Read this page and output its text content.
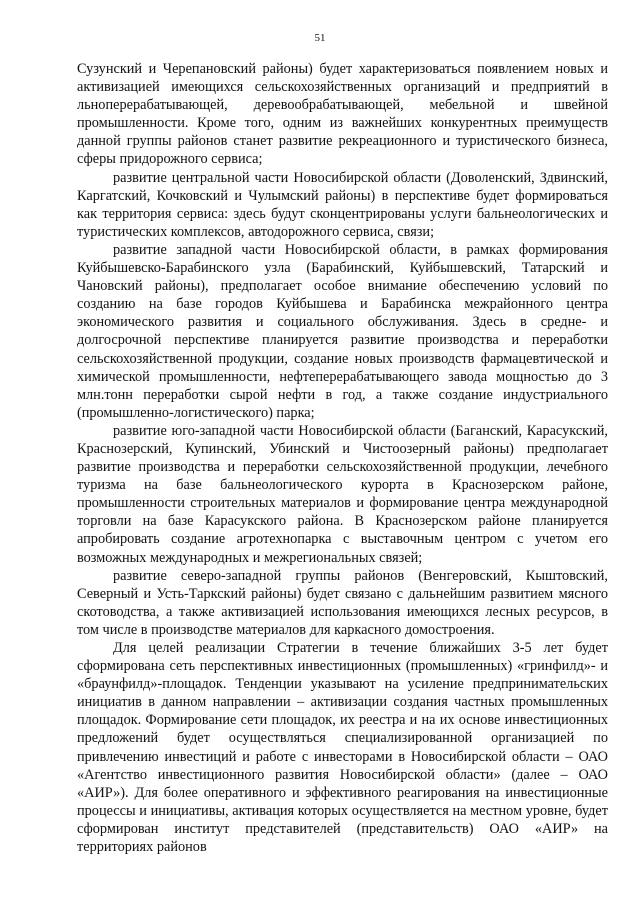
51

Сузунский и Черепановский районы) будет характеризоваться появлением новых и активизацией имеющихся сельскохозяйственных организаций и предприятий в льноперерабатывающей, деревообрабатывающей, мебельной и швейной промышленности. Кроме того, одним из важнейших конкурентных преимуществ данной группы районов станет развитие рекреационного и туристического бизнеса, сферы придорожного сервиса;

развитие центральной части Новосибирской области (Доволенский, Здвинский, Каргатский, Кочковский и Чулымский районы) в перспективе будет формироваться как территория сервиса: здесь будут сконцентрированы услуги бальнеологических и туристических комплексов, автодорожного сервиса, связи;

развитие западной части Новосибирской области, в рамках формирования Куйбышевско-Барабинского узла (Барабинский, Куйбышевский, Татарский и Чановский районы), предполагает особое внимание обеспечению условий по созданию на базе городов Куйбышева и Барабинска межрайонного центра экономического развития и социального обслуживания. Здесь в средне- и долгосрочной перспективе планируется развитие производства и переработки сельскохозяйственной продукции, создание новых производств фармацевтической и химической промышленности, нефтеперерабатывающего завода мощностью до 3 млн.тонн переработки сырой нефти в год, а также создание индустриального (промышленно-логистического) парка;

развитие юго-западной части Новосибирской области (Баганский, Карасукский, Краснозерский, Купинский, Убинский и Чистоозерный районы) предполагает развитие производства и переработки сельскохозяйственной продукции, лечебного туризма на базе бальнеологического курорта в Краснозерском районе, промышленности строительных материалов и формирование центра международной торговли на базе Карасукского района. В Краснозерском районе планируется апробировать создание агротехнопарка с выставочным центром с учетом его возможных международных и межрегиональных связей;

развитие северо-западной группы районов (Венгеровский, Кыштовский, Северный и Усть-Таркский районы) будет связано с дальнейшим развитием мясного скотоводства, а также активизацией использования имеющихся лесных ресурсов, в том числе в производстве материалов для каркасного домостроения.

Для целей реализации Стратегии в течение ближайших 3-5 лет будет сформирована сеть перспективных инвестиционных (промышленных) «гринфилд»- и «браунфилд»-площадок. Тенденции указывают на усиление предпринимательских инициатив в данном направлении – активизации создания частных промышленных площадок. Формирование сети площадок, их реестра и на их основе инвестиционных предложений будет осуществляться специализированной организацией по привлечению инвестиций и работе с инвесторами в Новосибирской области – ОАО «Агентство инвестиционного развития Новосибирской области» (далее – ОАО «АИР»). Для более оперативного и эффективного реагирования на инвестиционные процессы и инициативы, активация которых осуществляется на местном уровне, будет сформирован институт представителей (представительств) ОАО «АИР» на территориях районов
